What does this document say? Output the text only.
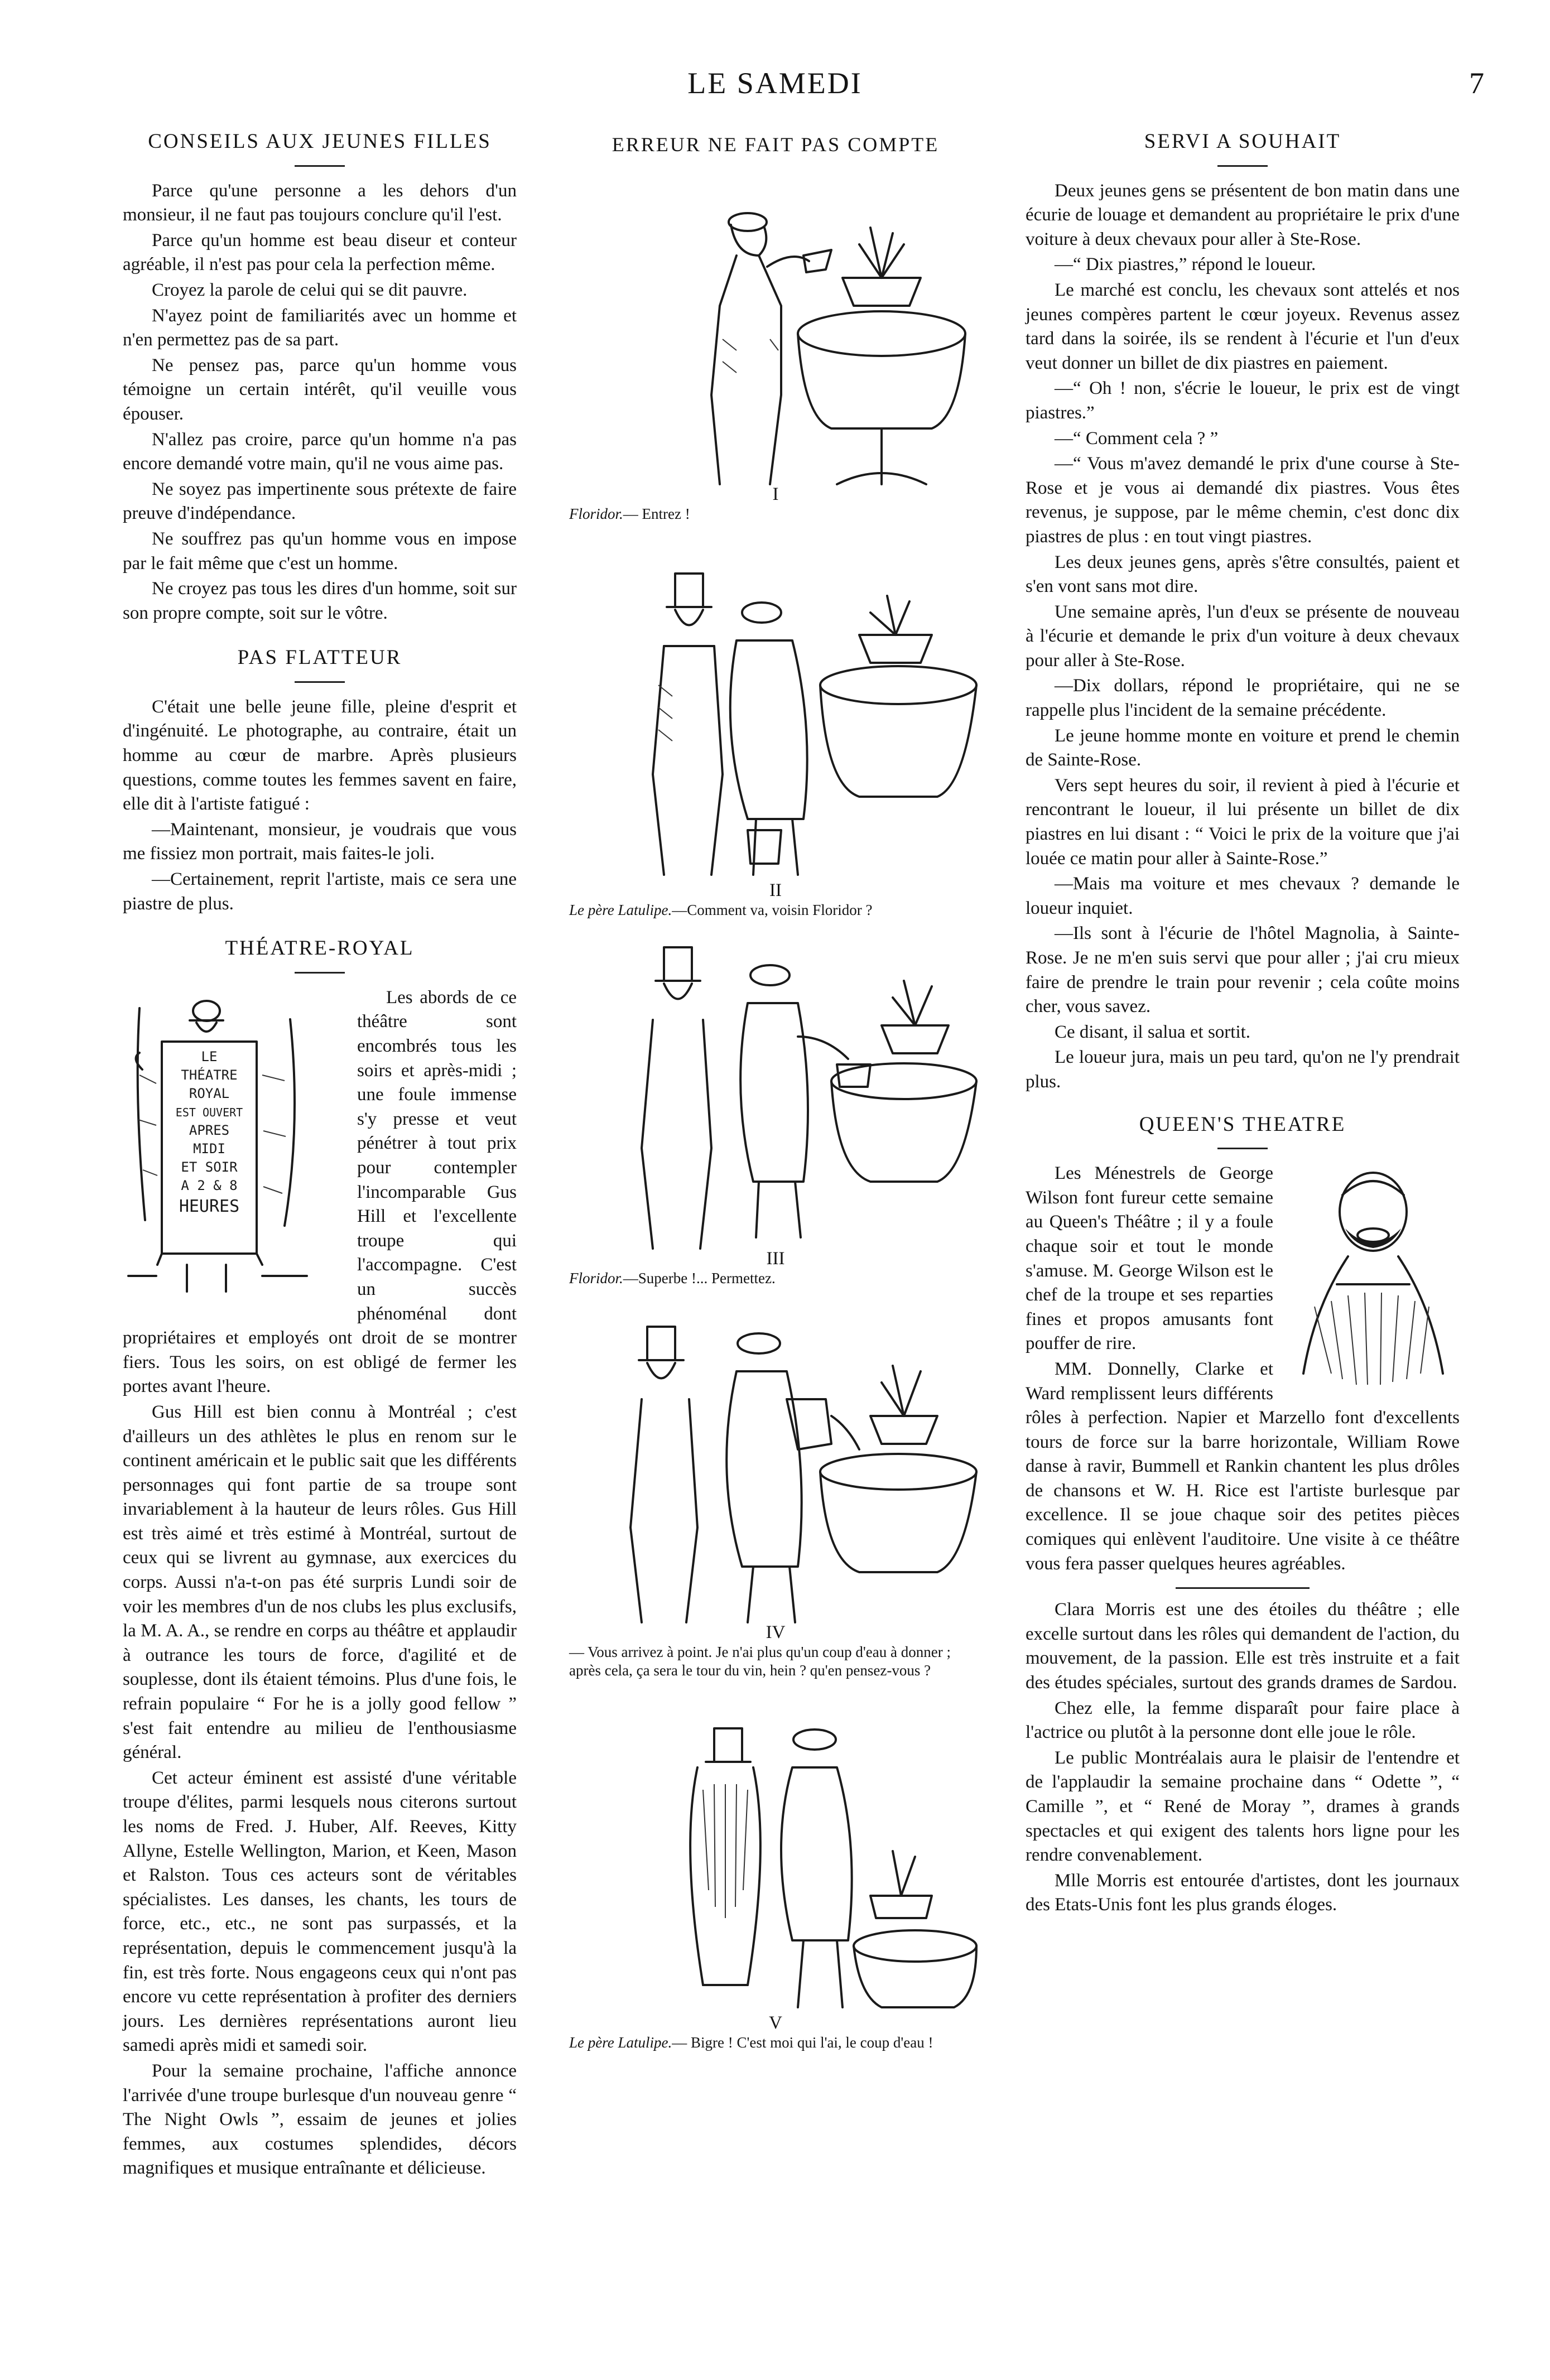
LE SAMEDI	7
CONSEILS AUX JEUNES FILLES

Parce qu'une personne a les dehors d'un monsieur, il ne faut pas toujours conclure qu'il l'est.

Parce qu'un homme est beau diseur et conteur agréable, il n'est pas pour cela la perfection même.

Croyez la parole de celui qui se dit pauvre.

N'ayez point de familiarités avec un homme et n'en permettez pas de sa part.

Ne pensez pas, parce qu'un homme vous témoigne un certain intérêt, qu'il veuille vous épouser.

N'allez pas croire, parce qu'un homme n'a pas encore demandé votre main, qu'il ne vous aime pas.

Ne soyez pas impertinente sous prétexte de faire preuve d'indépendance.

Ne souffrez pas qu'un homme vous en impose par le fait même que c'est un homme.

Ne croyez pas tous les dires d'un homme, soit sur son propre compte, soit sur le vôtre.

PAS FLATTEUR

C'était une belle jeune fille, pleine d'esprit et d'ingénuité. Le photographe, au contraire, était un homme au cœur de marbre. Après plusieurs questions, comme toutes les femmes savent en faire, elle dit à l'artiste fatigué :

—Maintenant, monsieur, je voudrais que vous me fissiez mon portrait, mais faites-le joli.

—Certainement, reprit l'artiste, mais ce sera une piastre de plus.

THÉATRE-ROYAL
LE
THÉATRE
ROYAL
EST OUVERT
APRES
MIDI
ET SOIR
A 2 & 8
HEURES

Les abords de ce théâtre sont encombrés tous les soirs et après-midi ; une foule immense s'y presse et veut pénétrer à tout prix pour contempler l'incomparable Gus Hill et l'excellente troupe qui l'accompagne. C'est un succès phénoménal dont propriétaires et employés ont droit de se montrer fiers. Tous les soirs, on est obligé de fermer les portes avant l'heure.

Gus Hill est bien connu à Montréal ; c'est d'ailleurs un des athlètes le plus en renom sur le continent américain et le public sait que les différents personnages qui font partie de sa troupe sont invariablement à la hauteur de leurs rôles. Gus Hill est très aimé et très estimé à Montréal, surtout de ceux qui se livrent au gymnase, aux exercices du corps. Aussi n'a-t-on pas été surpris Lundi soir de voir les membres d'un de nos clubs les plus exclusifs, la M. A. A., se rendre en corps au théâtre et applaudir à outrance les tours de force, d'agilité et de souplesse, dont ils étaient témoins. Plus d'une fois, le refrain populaire “ For he is a jolly good fellow ” s'est fait entendre au milieu de l'enthousiasme général.

Cet acteur éminent est assisté d'une véritable troupe d'élites, parmi lesquels nous citerons surtout les noms de Fred. J. Huber, Alf. Reeves, Kitty Allyne, Estelle Wellington, Marion, et Keen, Mason et Ralston. Tous ces acteurs sont de véritables spécialistes. Les danses, les chants, les tours de force, etc., etc., ne sont pas surpassés, et la représentation, depuis le commencement jusqu'à la fin, est très forte. Nous engageons ceux qui n'ont pas encore vu cette représentation à profiter des derniers jours. Les dernières représentations auront lieu samedi après midi et samedi soir.

Pour la semaine prochaine, l'affiche annonce l'arrivée d'une troupe burlesque d'un nouveau genre “ The Night Owls ”, essaim de jeunes et jolies femmes, aux costumes splendides, décors magnifiques et musique entraînante et délicieuse.

ERREUR NE FAIT PAS COMPTE
I
Floridor.— Entrez !
II
Le père Latulipe.—Comment va, voisin Floridor ?
III
Floridor.—Superbe !... Permettez.
IV
— Vous arrivez à point. Je n'ai plus qu'un coup d'eau à donner ; après cela, ça sera le tour du vin, hein ? qu'en pensez-vous ?
V
Le père Latulipe.— Bigre ! C'est moi qui l'ai, le coup d'eau !
SERVI A SOUHAIT

Deux jeunes gens se présentent de bon matin dans une écurie de louage et demandent au propriétaire le prix d'une voiture à deux chevaux pour aller à Ste-Rose.

—“ Dix piastres,” répond le loueur.

Le marché est conclu, les chevaux sont attelés et nos jeunes compères partent le cœur joyeux. Revenus assez tard dans la soirée, ils se rendent à l'écurie et l'un d'eux veut donner un billet de dix piastres en paiement.

—“ Oh ! non, s'écrie le loueur, le prix est de vingt piastres.”

—“ Comment cela ? ”

—“ Vous m'avez demandé le prix d'une course à Ste-Rose et je vous ai demandé dix piastres. Vous êtes revenus, je suppose, par le même chemin, c'est donc dix piastres de plus : en tout vingt piastres.

Les deux jeunes gens, après s'être consultés, paient et s'en vont sans mot dire.

Une semaine après, l'un d'eux se présente de nouveau à l'écurie et demande le prix d'un voiture à deux chevaux pour aller à Ste-Rose.

—Dix dollars, répond le propriétaire, qui ne se rappelle plus l'incident de la semaine précédente.

Le jeune homme monte en voiture et prend le chemin de Sainte-Rose.

Vers sept heures du soir, il revient à pied à l'écurie et rencontrant le loueur, il lui présente un billet de dix piastres en lui disant : “ Voici le prix de la voiture que j'ai louée ce matin pour aller à Sainte-Rose.”

—Mais ma voiture et mes chevaux ? demande le loueur inquiet.

—Ils sont à l'écurie de l'hôtel Magnolia, à Sainte-Rose. Je ne m'en suis servi que pour aller ; j'ai cru mieux faire de prendre le train pour revenir ; cela coûte moins cher, vous savez.

Ce disant, il salua et sortit.

Le loueur jura, mais un peu tard, qu'on ne l'y prendrait plus.

QUEEN'S THEATRE

Les Ménestrels de George Wilson font fureur cette semaine au Queen's Théâtre ; il y a foule chaque soir et tout le monde s'amuse. M. George Wilson est le chef de la troupe et ses reparties fines et propos amusants font pouffer de rire.

MM. Donnelly, Clarke et Ward remplissent leurs différents rôles à perfection. Napier et Marzello font d'excellents tours de force sur la barre horizontale, William Rowe danse à ravir, Bummell et Rankin chantent les plus drôles de chansons et W. H. Rice est l'artiste burlesque par excellence. Il se joue chaque soir des petites pièces comiques qui enlèvent l'auditoire. Une visite à ce théâtre vous fera passer quelques heures agréables.

Clara Morris est une des étoiles du théâtre ; elle excelle surtout dans les rôles qui demandent de l'action, du mouvement, de la passion. Elle est très instruite et a fait des études spéciales, surtout des grands drames de Sardou.

Chez elle, la femme disparaît pour faire place à l'actrice ou plutôt à la personne dont elle joue le rôle.

Le public Montréalais aura le plaisir de l'entendre et de l'applaudir la semaine prochaine dans “ Odette ”, “ Camille ”, et “ René de Moray ”, drames à grands spectacles et qui exigent des talents hors ligne pour les rendre convenablement.

Mlle Morris est entourée d'artistes, dont les journaux des Etats-Unis font les plus grands éloges.
